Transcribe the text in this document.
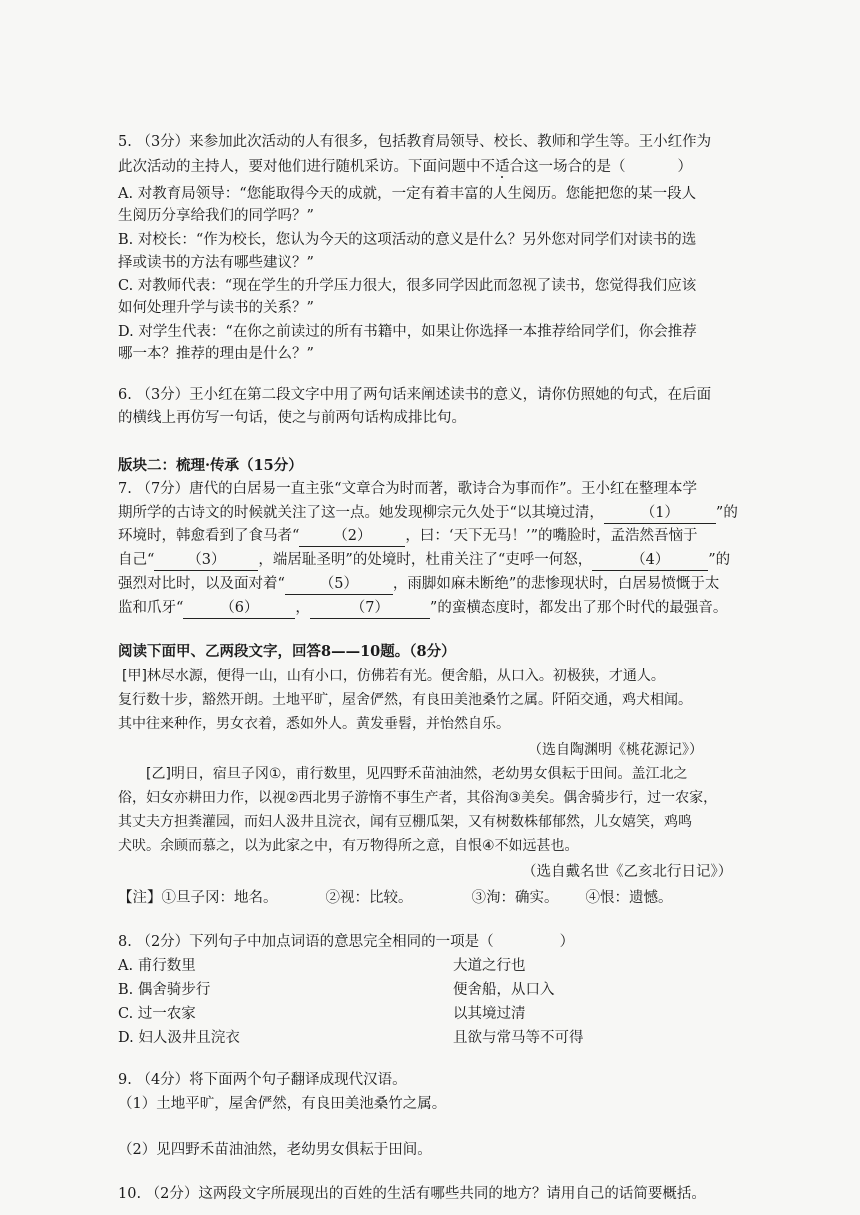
5. （3分）来参加此次活动的人有很多，包括教育局领导、校长、教师和学生等。王小红作为
此次活动的主持人，要对他们进行随机采访。下面问题中不适合这一场合的是（	）
A. 对教育局领导：“您能取得今天的成就，一定有着丰富的人生阅历。您能把您的某一段人
生阅历分享给我们的同学吗？”
B. 对校长：“作为校长，您认为今天的这项活动的意义是什么？另外您对同学们对读书的选
择或读书的方法有哪些建议？”
C. 对教师代表：“现在学生的升学压力很大，很多同学因此而忽视了读书，您觉得我们应该
如何处理升学与读书的关系？”
D. 对学生代表：“在你之前读过的所有书籍中，如果让你选择一本推荐给同学们，你会推荐
哪一本？推荐的理由是什么？”
6. （3分）王小红在第二段文字中用了两句话来阐述读书的意义，请你仿照她的句式，在后面
的横线上再仿写一句话，使之与前两句话构成排比句。
版块二：梳理·传承（15分）
7. （7分）唐代的白居易一直主张“文章合为时而著，歌诗合为事而作”。王小红在整理本学
期所学的古诗文的时候就关注了这一点。她发现柳宗元久处于“以其境过清，	（1）	”的
环境时，韩愈看到了食马者“ （2） ，曰：‘天下无马！’”的嘴脸时，孟浩然吾恼于
自己“ （3） ，端居耻圣明”的处境时，杜甫关注了“吏呼一何怒，	（4）	”的
强烈对比时，以及面对着“ （5） ，雨脚如麻未断绝”的悲惨现状时，白居易愤慨于太
监和爪牙“	（6）	，	（7）	”的蛮横态度时，都发出了那个时代的最强音。
阅读下面甲、乙两段文字，回答8——10题。（8分）
[甲]林尽水源，便得一山，山有小口，仿佛若有光。便舍船，从口入。初极狭，才通人。
复行数十步，豁然开朗。土地平旷，屋舍俨然，有良田美池桑竹之属。阡陌交通，鸡犬相闻。
其中往来种作，男女衣着，悉如外人。黄发垂髫，并怡然自乐。
（选自陶渊明《桃花源记》）
[乙]明日，宿旦子冈①，甫行数里，见四野禾苗油油然，老幼男女俱耘于田间。盖江北之
俗，妇女亦耕田力作，以视②西北男子游惰不事生产者，其俗洵③美矣。偶舍骑步行，过一农家，
其丈夫方担粪灌园，而妇人汲井且浣衣，闻有豆棚瓜架，又有树数株郁郁然，儿女嬉笑，鸡鸣
犬吠。余顾而慕之，以为此家之中，有万物得所之意，自恨④不如远甚也。
（选自戴名世《乙亥北行日记》）
【注】①旦子冈：地名。	②视：比较。	③洵：确实。 ④恨：遗憾。
8. （2分）下列句子中加点词语的意思完全相同的一项是（	）
A. 甫行数里	大道之行也
B. 偶舍骑步行	便舍船，从口入
C. 过一农家	以其境过清
D. 妇人汲井且浣衣	且欲与常马等不可得
9. （4分）将下面两个句子翻译成现代汉语。
（1）土地平旷，屋舍俨然，有良田美池桑竹之属。
（2）见四野禾苗油油然，老幼男女俱耘于田间。
10. （2分）这两段文字所展现出的百姓的生活有哪些共同的地方？请用自己的话简要概括。
